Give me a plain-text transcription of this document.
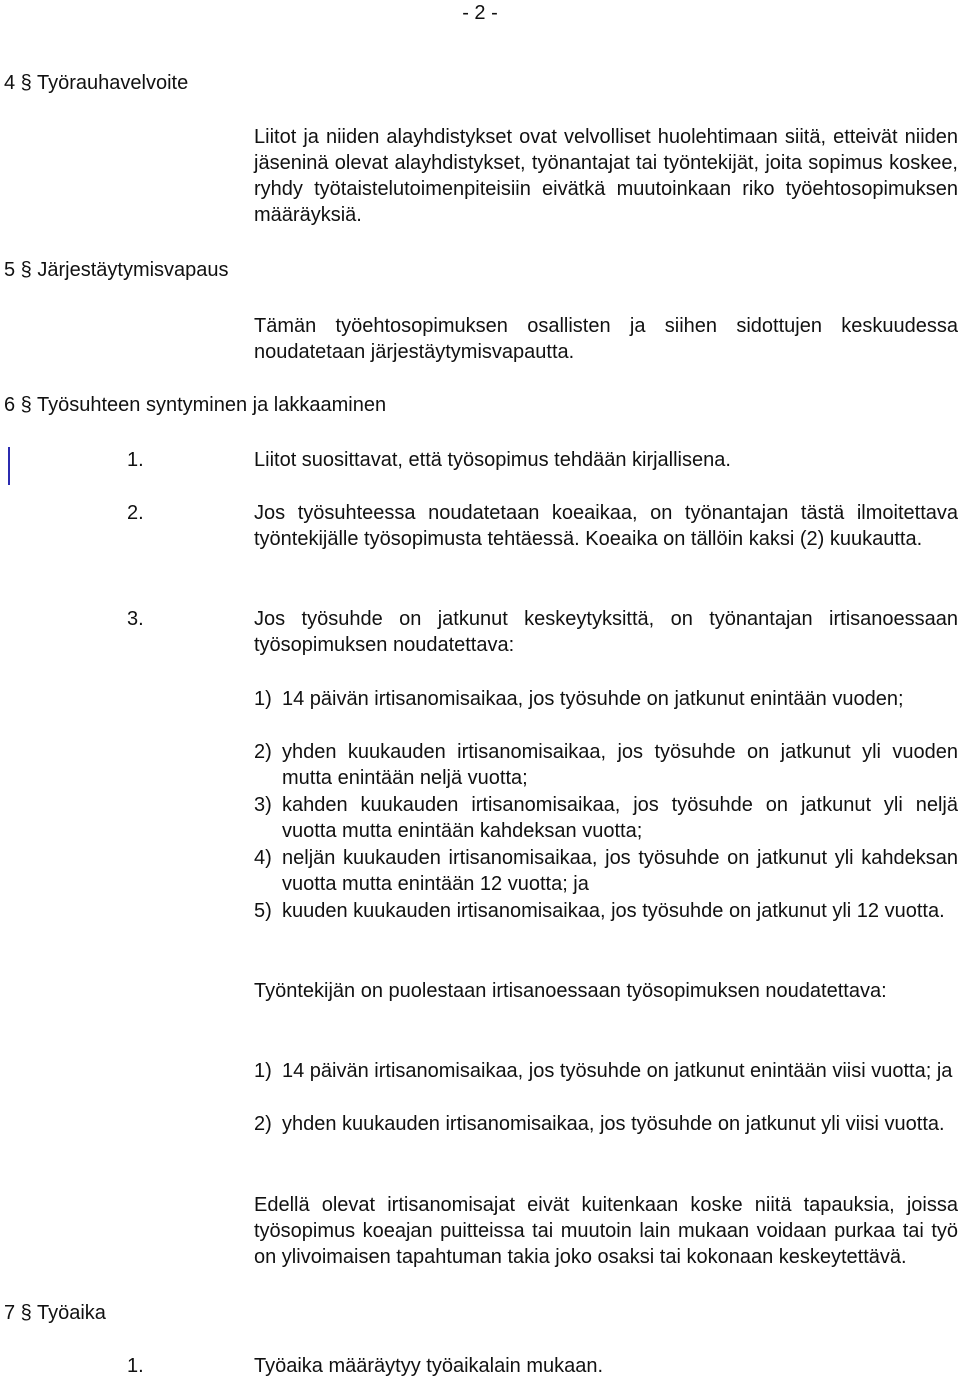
- 2 -
4 § Työrauhavelvoite
Liitot ja niiden alayhdistykset ovat velvolliset huolehtimaan siitä, etteivät niiden jäseninä olevat alayhdistykset, työnantajat tai työntekijät, joita sopimus koskee, ryhdy työtaistelutoimenpiteisiin eivätkä muutoinkaan riko työehtosopimuksen määräyksiä.
5 § Järjestäytymisvapaus
Tämän työehtosopimuksen osallisten ja siihen sidottujen keskuudessa noudatetaan järjestäytymisvapautta.
6 § Työsuhteen syntyminen ja lakkaaminen
1.	Liitot suosittavat, että työsopimus tehdään kirjallisena.
2.	Jos työsuhteessa noudatetaan koeaikaa, on työnantajan tästä ilmoitettava työntekijälle työsopimusta tehtäessä. Koeaika on tällöin kaksi (2) kuukautta.
3.	Jos työsuhde on jatkunut keskeytyksittä, on työnantajan irtisanoessaan työsopimuksen noudatettava:
1) 14 päivän irtisanomisaikaa, jos työsuhde on jatkunut enintään vuoden;
2) yhden kuukauden irtisanomisaikaa, jos työsuhde on jatkunut yli vuoden mutta enintään neljä vuotta;
3) kahden kuukauden irtisanomisaikaa, jos työsuhde on jatkunut yli neljä vuotta mutta enintään kahdeksan vuotta;
4) neljän kuukauden irtisanomisaikaa, jos työsuhde on jatkunut yli kahdeksan vuotta mutta enintään 12 vuotta; ja
5) kuuden kuukauden irtisanomisaikaa, jos työsuhde on jatkunut yli 12 vuotta.
Työntekijän on puolestaan irtisanoessaan työsopimuksen noudatettava:
1) 14 päivän irtisanomisaikaa, jos työsuhde on jatkunut enintään viisi vuotta; ja
2) yhden kuukauden irtisanomisaikaa, jos työsuhde on jatkunut yli viisi vuotta.
Edellä olevat irtisanomisajat eivät kuitenkaan koske niitä tapauksia, joissa työsopimus koeajan puitteissa tai muutoin lain mukaan voidaan purkaa tai työ on ylivoimaisen tapahtuman takia joko osaksi tai kokonaan keskeytettävä.
7 § Työaika
1.	Työaika määräytyy työaikalain mukaan.
